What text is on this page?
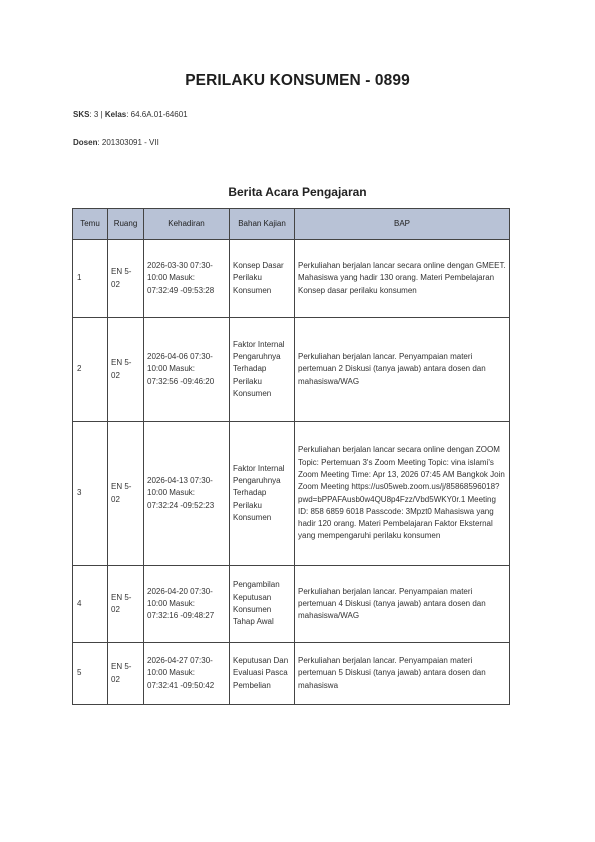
PERILAKU KONSUMEN - 0899
SKS: 3 | Kelas: 64.6A.01-64601
Dosen: 201303091 - VII
Berita Acara Pengajaran
Temu	Ruang	Kehadiran	Bahan Kajian	BAP
1	EN 5-02	2026-03-30 07:30-10:00 Masuk: 07:32:49 -09:53:28	Konsep Dasar Perilaku Konsumen	Perkuliahan berjalan lancar secara online dengan GMEET. Mahasiswa yang hadir 130 orang. Materi Pembelajaran Konsep dasar perilaku konsumen
2	EN 5-02	2026-04-06 07:30-10:00 Masuk: 07:32:56 -09:46:20	Faktor Internal Pengaruhnya Terhadap Perilaku Konsumen	Perkuliahan berjalan lancar. Penyampaian materi pertemuan 2 Diskusi (tanya jawab) antara dosen dan mahasiswa/WAG
3	EN 5-02	2026-04-13 07:30-10:00 Masuk: 07:32:24 -09:52:23	Faktor Internal Pengaruhnya Terhadap Perilaku Konsumen	Perkuliahan berjalan lancar secara online dengan ZOOM Topic: Pertemuan 3's Zoom Meeting Topic: vina islami's Zoom Meeting Time: Apr 13, 2026 07:45 AM Bangkok Join Zoom Meeting https://us05web.zoom.us/j/85868596018?pwd=bPPAFAusb0w4QU8p4Fzz/Vbd5WKY0r.1 Meeting ID: 858 6859 6018 Passcode: 3Mpzt0 Mahasiswa yang hadir 120 orang. Materi Pembelajaran Faktor Eksternal yang mempengaruhi perilaku konsumen
4	EN 5-02	2026-04-20 07:30-10:00 Masuk: 07:32:16 -09:48:27	Pengambilan Keputusan Konsumen Tahap Awal	Perkuliahan berjalan lancar. Penyampaian materi pertemuan 4 Diskusi (tanya jawab) antara dosen dan mahasiswa/WAG
5	EN 5-02	2026-04-27 07:30-10:00 Masuk: 07:32:41 -09:50:42	Keputusan Dan Evaluasi Pasca Pembelian	Perkuliahan berjalan lancar. Penyampaian materi pertemuan 5 Diskusi (tanya jawab) antara dosen dan mahasiswa
